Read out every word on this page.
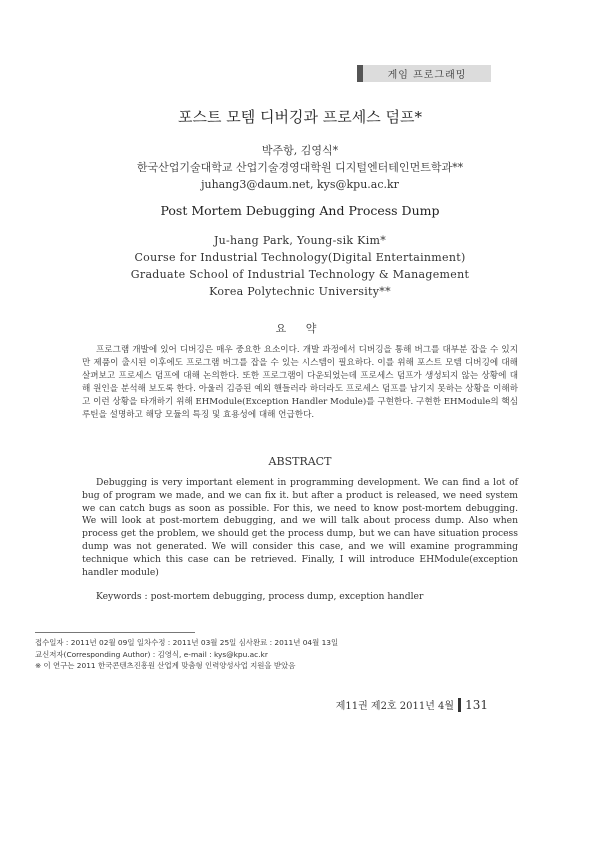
게임 프로그래밍
포스트 모템 디버깅과 프로세스 덤프*
박주항, 김영식*
한국산업기술대학교 산업기술경영대학원 디지털엔터테인먼트학과**
juhang3@daum.net, kys@kpu.ac.kr
Post Mortem Debugging And Process Dump
Ju-hang Park, Young-sik Kim*
Course for Industrial Technology(Digital Entertainment)
Graduate School of Industrial Technology & Management
Korea Polytechnic University**
요 약
프로그램 개발에 있어 디버깅은 매우 중요한 요소이다. 개발 과정에서 디버깅을 통해 버그를 대부분 잡을 수 있지만 제품이 출시된 이후에도 프로그램 버그를 잡을 수 있는 시스템이 필요하다. 이를 위해 포스트 모템 디버깅에 대해 살펴보고 프로세스 덤프에 대해 논의한다. 또한 프로그램이 다운되었는데 프로세스 덤프가 생성되지 않는 상황에 대해 원인을 분석해 보도록 한다. 아울러 김증된 예외 핸들러라 하더라도 프로세스 덤프를 남기지 못하는 상황을 이해하고 이런 상황을 타개하기 위해 EHModule(Exception Handler Module)를 구현한다. 구현한 EHModule의 핵심 루틴을 설명하고 해당 모듈의 특징 및 효용성에 대해 언급한다.
ABSTRACT
Debugging is very important element in programming development. We can find a lot of bug of program we made, and we can fix it. but after a product is released, we need system we can catch bugs as soon as possible. For this, we need to know post-mortem debugging. We will look at post-mortem debugging, and we will talk about process dump. Also when process get the problem, we should get the process dump, but we can have situation process dump was not generated. We will consider this case, and we will examine programming technique which this case can be retrieved. Finally, I will introduce EHModule(exception handler module)
Keywords : post-mortem debugging, process dump, exception handler
접수일자 : 2011년 02월 09일 일차수정 : 2011년 03월 25일 심사완료 : 2011년 04월 13일
교신저자(Corresponding Author) : 김영식, e-mail : kys@kpu.ac.kr
※ 이 연구는 2011 한국콘텐츠진흥원 산업계 맞춤형 인력양성사업 지원을 받았음
제11권 제2호 2011년 4월 131
